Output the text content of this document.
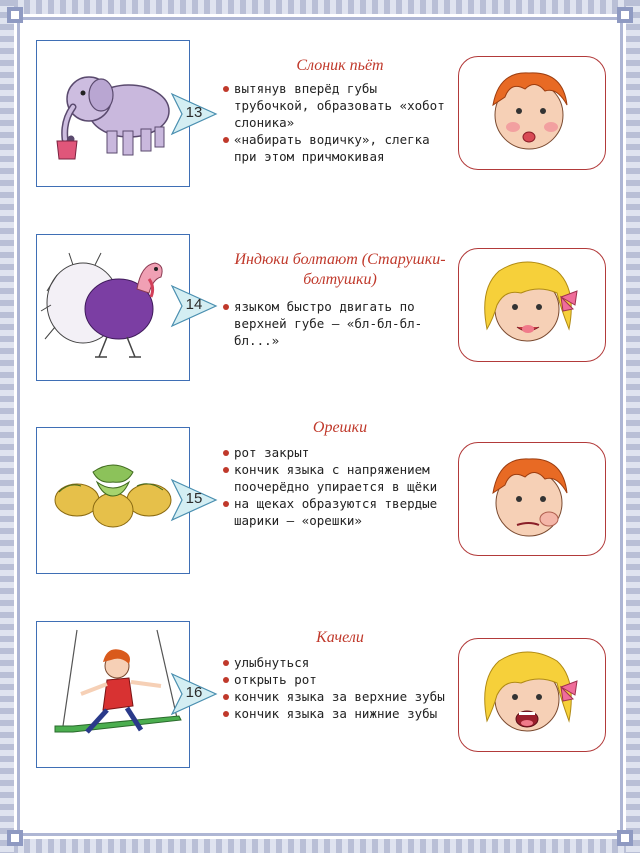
13
Слоник пьёт
вытянув вперёд губы трубочкой, образовать «хобот слоника»
«набирать водичку», слегка при этом причмокивая
14
Индюки болтают (Старушки-болтушки)
языком быстро двигать по верхней губе – «бл-бл-бл-бл...»
15
Орешки
рот закрыт
кончик языка с напряжением поочерёдно упирается в щёки
на щеках образуются твердые шарики – «орешки»
16
Качели
улыбнуться
открыть рот
кончик языка за верхние зубы
кончик языка за нижние зубы
